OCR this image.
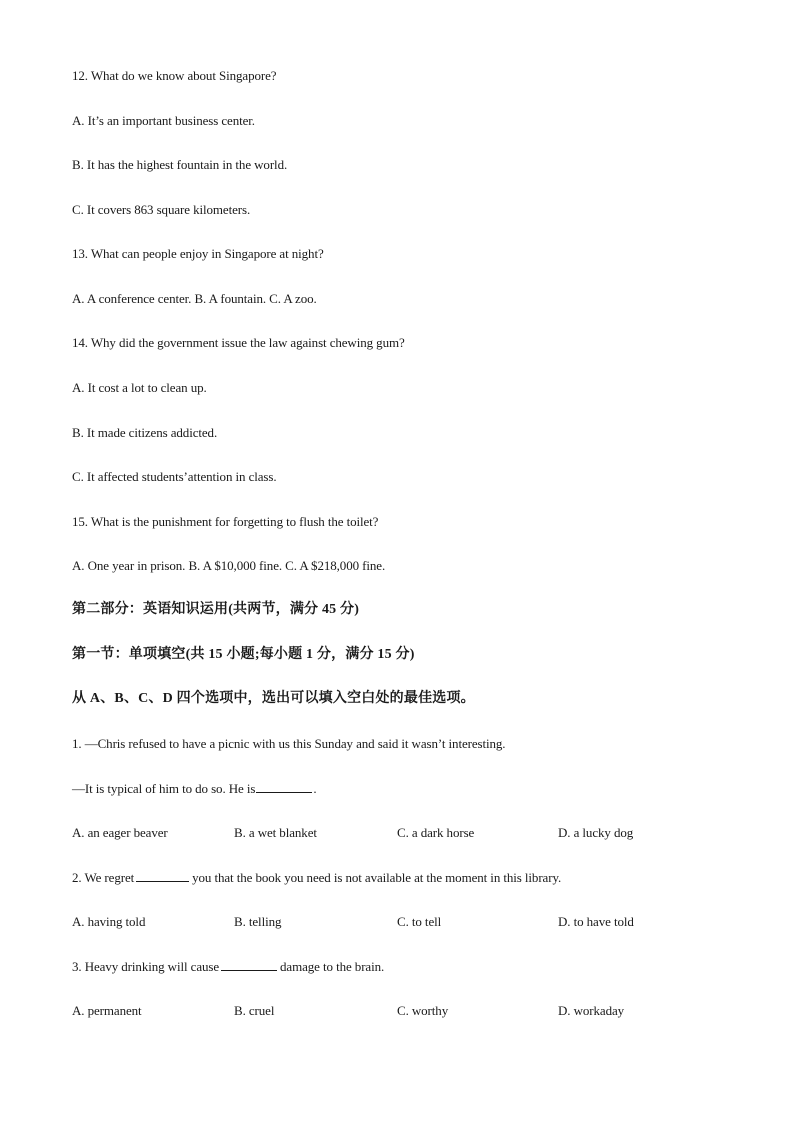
12. What do we know about Singapore?
A. It’s an important business center.
B. It has the highest fountain in the world.
C. It covers 863 square kilometers.
13. What can people enjoy in Singapore at night?
A. A conference center. B. A fountain. C. A zoo.
14. Why did the government issue the law against chewing gum?
A. It cost a lot to clean up.
B. It made citizens addicted.
C. It affected students’attention in class.
15. What is the punishment for forgetting to flush the toilet?
A. One year in prison. B. A $10,000 fine. C. A $218,000 fine.
第二部分：英语知识运用(共两节，满分 45 分)
第一节：单项填空(共 15 小题;每小题 1 分，满分 15 分)
从 A、B、C、D 四个选项中，选出可以填入空白处的最佳选项。
1. —Chris refused to have a picnic with us this Sunday and said it wasn’t interesting.
—It is typical of him to do so. He is	.
A. an eager beaver	B. a wet blanket	C. a dark horse	D. a lucky dog
2. We regret	you that the book you need is not available at the moment in this library.
A. having told	B. telling	C. to tell	D. to have told
3. Heavy drinking will cause	damage to the brain.
A. permanent	B. cruel	C. worthy	D. workaday
